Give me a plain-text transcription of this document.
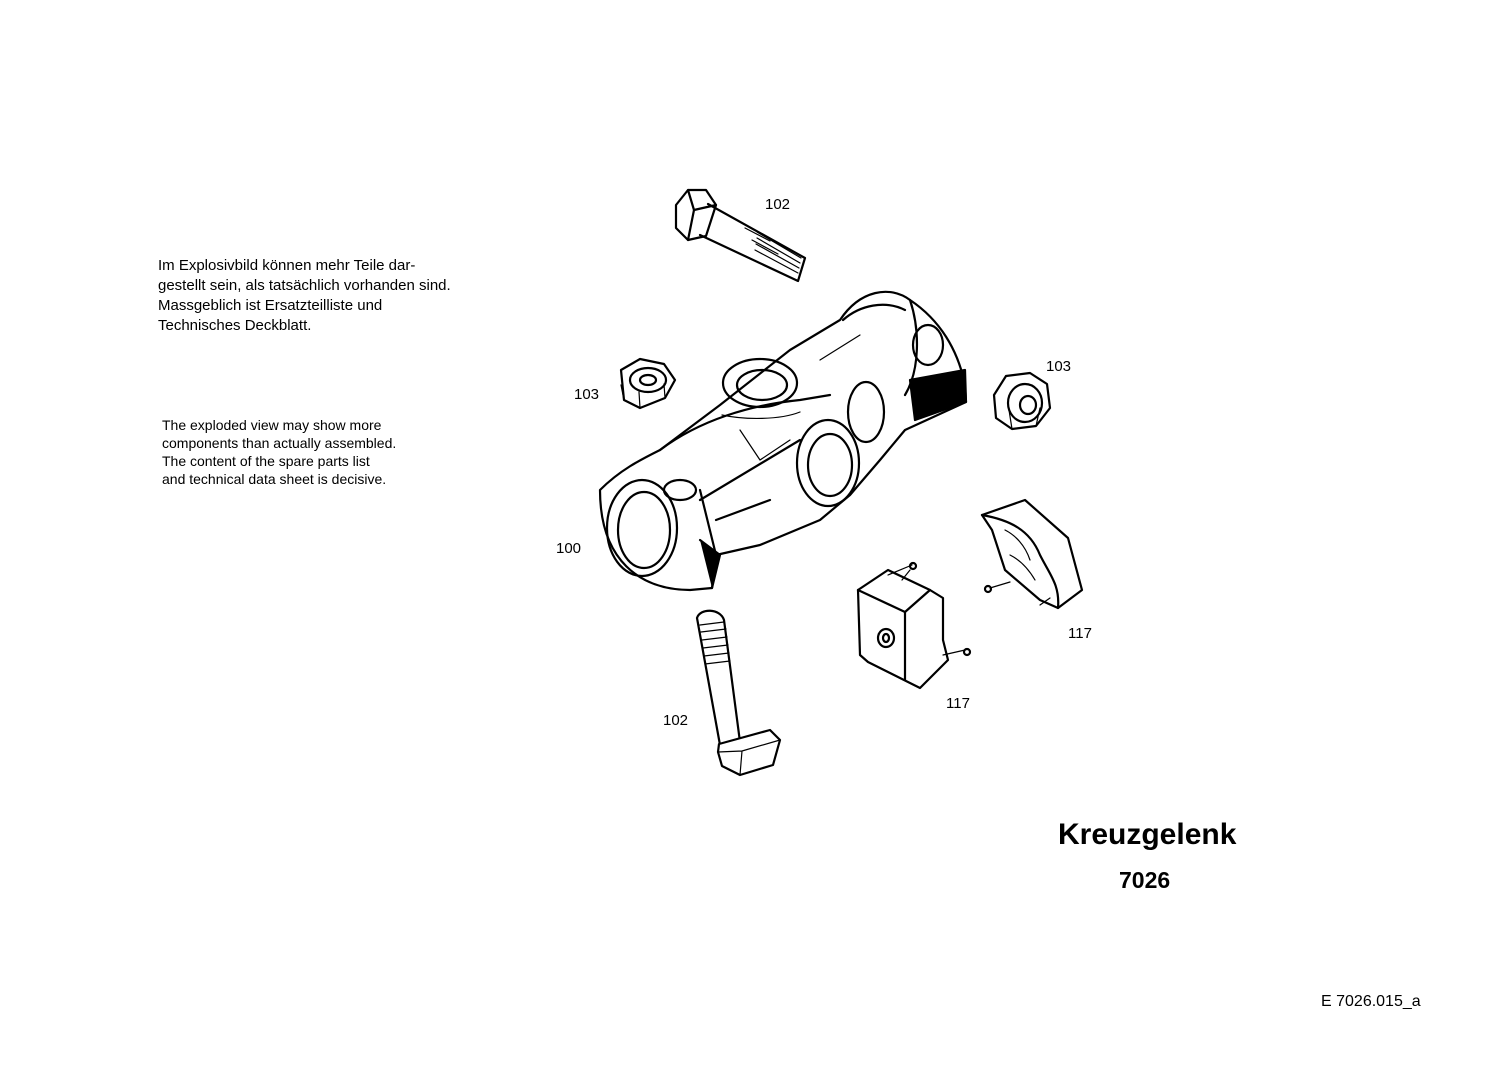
Im Explosivbild können mehr Teile dar-
gestellt sein, als tatsächlich vorhanden sind.
Massgeblich ist Ersatzteilliste und
Technisches Deckblatt.
The exploded view may show more
components than actually assembled.
The content of the spare parts list
and technical data sheet is decisive.
102
103
103
100
102
117
117
Kreuzgelenk
7026
E 7026.015_a
